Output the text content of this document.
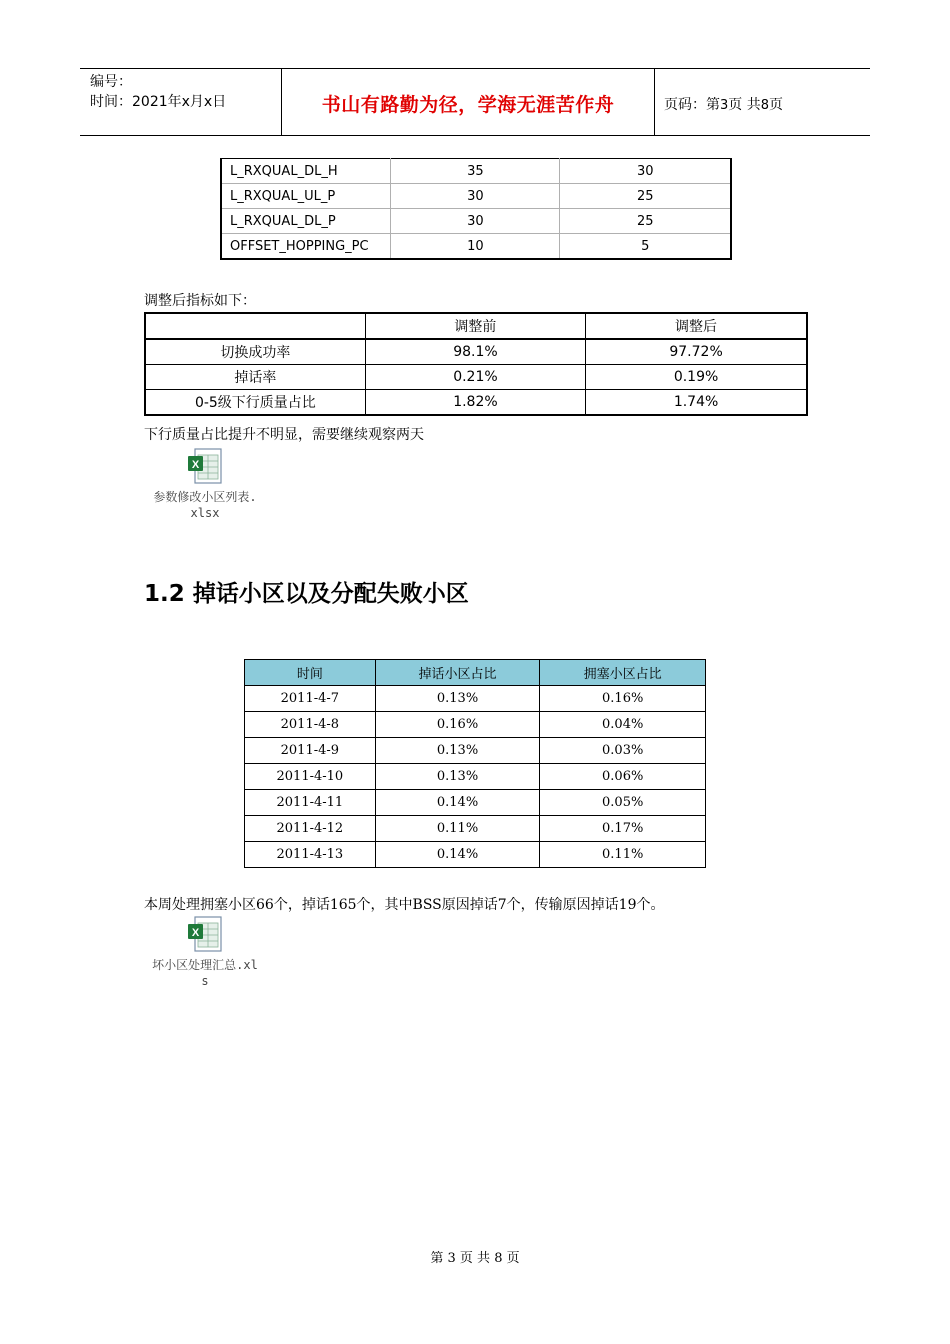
编号：
时间：2021年x月x日	书山有路勤为径，学海无涯苦作舟	页码：第3页 共8页
L_RXQUAL_DL_H	35	30
L_RXQUAL_UL_P	30	25
L_RXQUAL_DL_P	30	25
OFFSET_HOPPING_PC	10	5
调整后指标如下：
	调整前	调整后
切换成功率	98.1%	97.72%
掉话率	0.21%	0.19%
0-5级下行质量占比	1.82%	1.74%
下行质量占比提升不明显，需要继续观察两天
X
参数修改小区列表.
xlsx
1.2 掉话小区以及分配失败小区
时间	掉话小区占比	拥塞小区占比
2011-4-7	0.13%	0.16%
2011-4-8	0.16%	0.04%
2011-4-9	0.13%	0.03%
2011-4-10	0.13%	0.06%
2011-4-11	0.14%	0.05%
2011-4-12	0.11%	0.17%
2011-4-13	0.14%	0.11%
本周处理拥塞小区66个，掉话165个，其中BSS原因掉话7个，传输原因掉话19个。
X
坏小区处理汇总.xl
s
第 3 页 共 8 页
